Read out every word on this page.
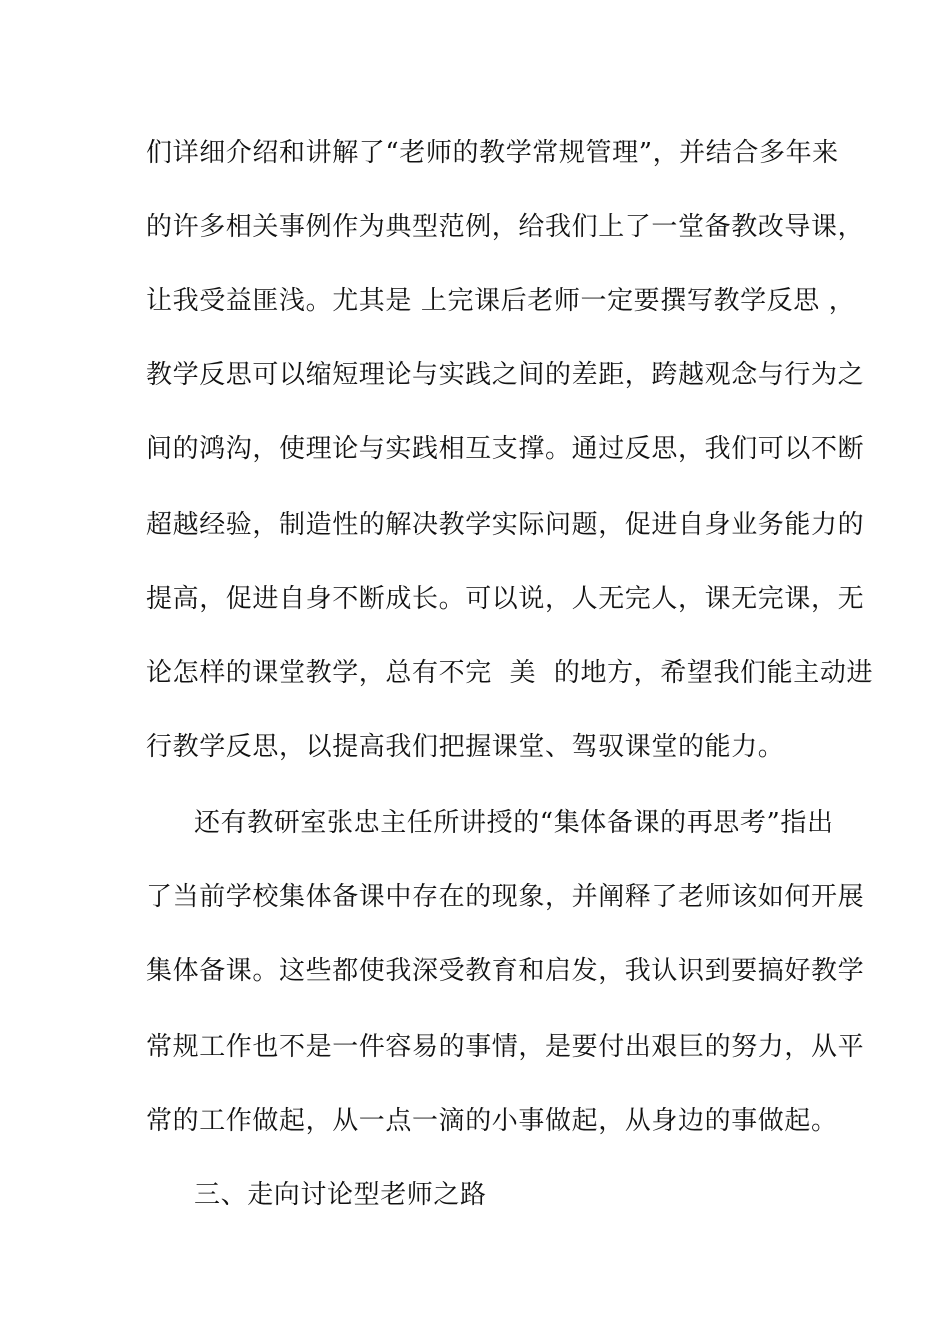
们详细介绍和讲解了“老师的教学常规管理”，并结合多年来
的许多相关事例作为典型范例，给我们上了一堂备教改导课，
让我受益匪浅。尤其是 上完课后老师一定要撰写教学反思 ，
教学反思可以缩短理论与实践之间的差距，跨越观念与行为之
间的鸿沟，使理论与实践相互支撑。通过反思，我们可以不断
超越经验，制造性的解决教学实际问题，促进自身业务能力的
提高，促进自身不断成长。可以说，人无完人，课无完课，无
论怎样的课堂教学，总有不完  美  的地方，希望我们能主动进
行教学反思，以提高我们把握课堂、驾驭课堂的能力。
还有教研室张忠主任所讲授的“集体备课的再思考”指出
了当前学校集体备课中存在的现象，并阐释了老师该如何开展
集体备课。这些都使我深受教育和启发，我认识到要搞好教学
常规工作也不是一件容易的事情，是要付出艰巨的努力，从平
常的工作做起，从一点一滴的小事做起，从身边的事做起。
三、走向讨论型老师之路
